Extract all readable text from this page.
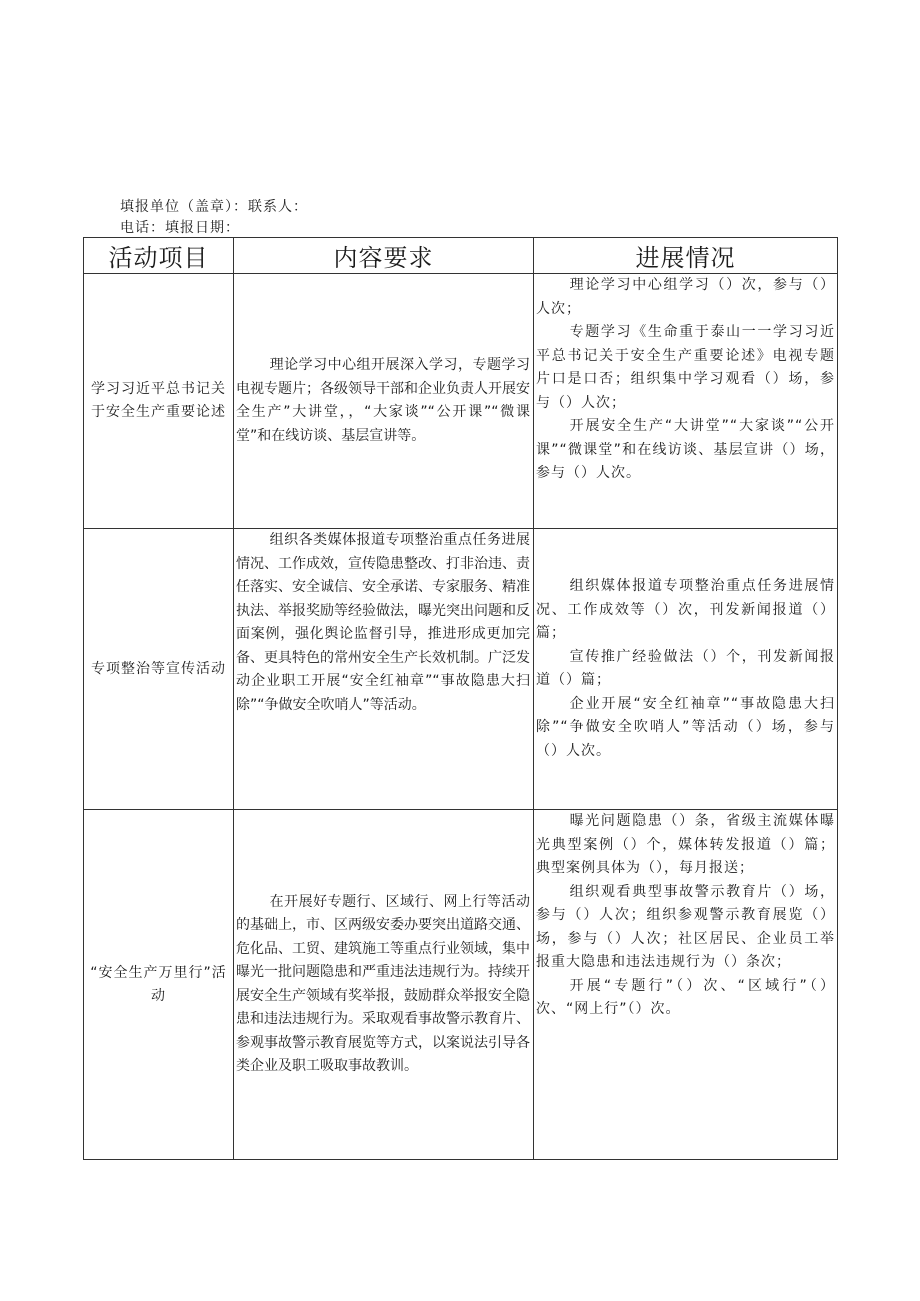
填报单位（盖章）：联系人：
电话：填报日期：
活动项目	内容要求	进展情况
学习习近平总书记关于安全生产重要论述	理论学习中心组开展深入学习，专题学习电视专题片；各级领导干部和企业负责人开展安全生产”大讲堂，，“大家谈”“公开课”“微课堂”和在线访谈、基层宣讲等。	理论学习中心组学习（）次，参与（）人次；

专题学习《生命重于泰山一一学习习近平总书记关于安全生产重要论述》电视专题片口是口否；组织集中学习观看（）场，参与（）人次；

开展安全生产“大讲堂”“大家谈”“公开课”“微课堂”和在线访谈、基层宣讲（）场，参与（）人次。

专项整治等宣传活动	组织各类媒体报道专项整治重点任务进展情况、工作成效，宣传隐患整改、打非治违、责任落实、安全诚信、安全承诺、专家服务、精准执法、举报奖励等经验做法，曝光突出问题和反面案例，强化舆论监督引导，推进形成更加完备、更具特色的常州安全生产长效机制。广泛发动企业职工开展“安全红袖章”“事故隐患大扫除”“争做安全吹哨人”等活动。	组织媒体报道专项整治重点任务进展情况、工作成效等（）次，刊发新闻报道（）篇；

宣传推广经验做法（）个，刊发新闻报道（）篇；

企业开展“安全红袖章”“事故隐患大扫除”“争做安全吹哨人”等活动（）场，参与（）人次。

“安全生产万里行”活动	在开展好专题行、区域行、网上行等活动的基础上，市、区两级安委办要突出道路交通、危化品、工贸、建筑施工等重点行业领域，集中曝光一批问题隐患和严重违法违规行为。持续开展安全生产领域有奖举报，鼓励群众举报安全隐患和违法违规行为。采取观看事故警示教育片、参观事故警示教育展览等方式，以案说法引导各类企业及职工吸取事故教训。	曝光问题隐患（）条，省级主流媒体曝光典型案例（）个，媒体转发报道（）篇；典型案例具体为（），每月报送；

组织观看典型事故警示教育片（）场，参与（）人次；组织参观警示教育展览（）场，参与（）人次；社区居民、企业员工举报重大隐患和违法违规行为（）条次；

开展“专题行”（）次、“区域行”（）次、“网上行”（）次。
